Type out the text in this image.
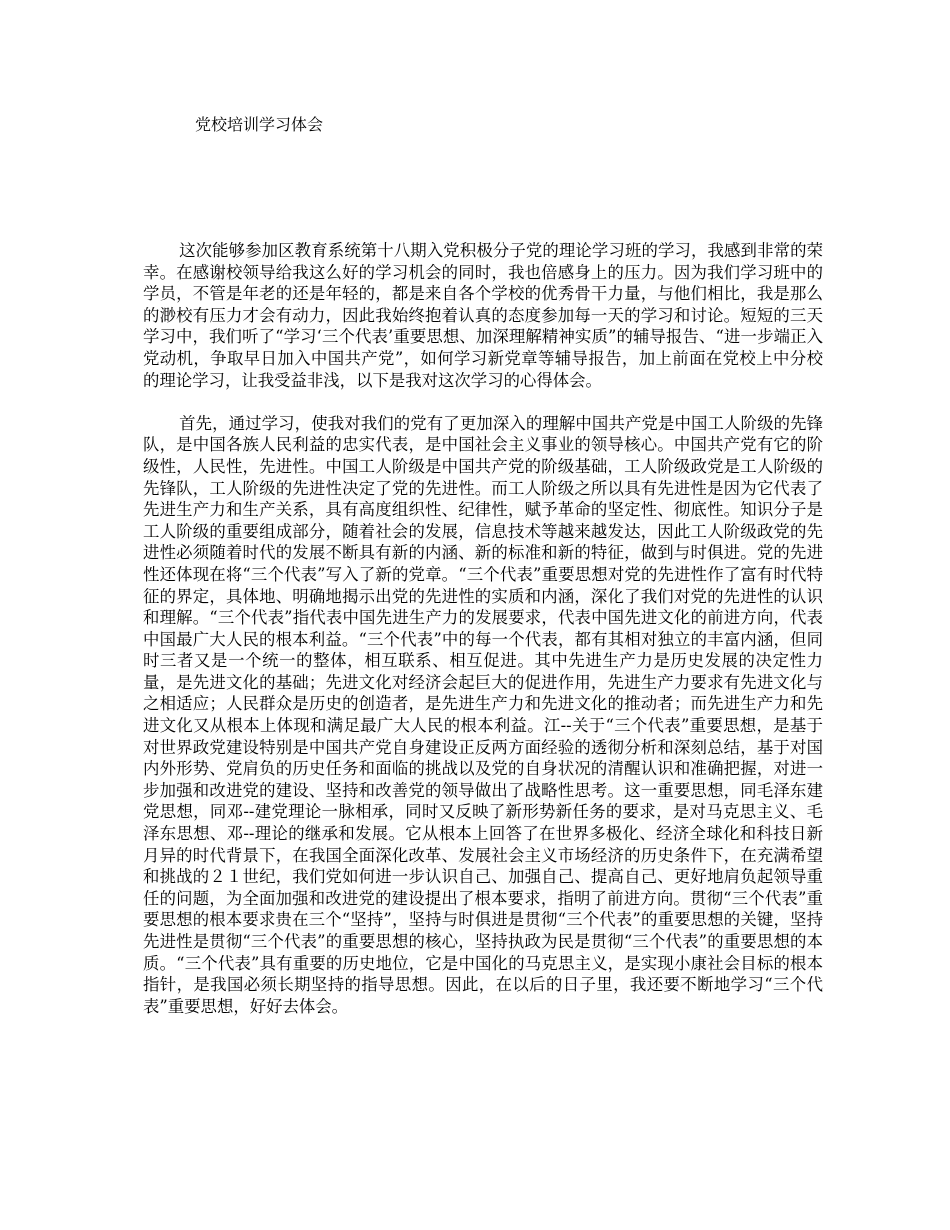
党校培训学习体会

这次能够参加区教育系统第十八期入党积极分子党的理论学习班的学习，我感到非常的荣幸。在感谢校领导给我这么好的学习机会的同时，我也倍感身上的压力。因为我们学习班中的学员，不管是年老的还是年轻的，都是来自各个学校的优秀骨干力量，与他们相比，我是那么的渺校有压力才会有动力，因此我始终抱着认真的态度参加每一天的学习和讨论。短短的三天学习中，我们听了“学习‘三个代表’重要思想、加深理解精神实质”的辅导报告、“进一步端正入党动机，争取早日加入中国共产党”，如何学习新党章等辅导报告，加上前面在党校上中分校的理论学习，让我受益非浅，以下是我对这次学习的心得体会。

首先，通过学习，使我对我们的党有了更加深入的理解中国共产党是中国工人阶级的先锋队，是中国各族人民利益的忠实代表，是中国社会主义事业的领导核心。中国共产党有它的阶级性，人民性，先进性。中国工人阶级是中国共产党的阶级基础，工人阶级政党是工人阶级的先锋队，工人阶级的先进性决定了党的先进性。而工人阶级之所以具有先进性是因为它代表了先进生产力和生产关系，具有高度组织性、纪律性，赋予革命的坚定性、彻底性。知识分子是工人阶级的重要组成部分，随着社会的发展，信息技术等越来越发达，因此工人阶级政党的先进性必须随着时代的发展不断具有新的内涵、新的标准和新的特征，做到与时俱进。党的先进性还体现在将“三个代表”写入了新的党章。“三个代表”重要思想对党的先进性作了富有时代特征的界定，具体地、明确地揭示出党的先进性的实质和内涵，深化了我们对党的先进性的认识和理解。“三个代表”指代表中国先进生产力的发展要求，代表中国先进文化的前进方向，代表中国最广大人民的根本利益。“三个代表”中的每一个代表，都有其相对独立的丰富内涵，但同时三者又是一个统一的整体，相互联系、相互促进。其中先进生产力是历史发展的决定性力量，是先进文化的基础；先进文化对经济会起巨大的促进作用，先进生产力要求有先进文化与之相适应；人民群众是历史的创造者，是先进生产力和先进文化的推动者；而先进生产力和先进文化又从根本上体现和满足最广大人民的根本利益。江--关于“三个代表”重要思想，是基于对世界政党建设特别是中国共产党自身建设正反两方面经验的透彻分析和深刻总结，基于对国内外形势、党肩负的历史任务和面临的挑战以及党的自身状况的清醒认识和准确把握，对进一步加强和改进党的建设、坚持和改善党的领导做出了战略性思考。这一重要思想，同毛泽东建党思想，同邓--建党理论一脉相承，同时又反映了新形势新任务的要求，是对马克思主义、毛泽东思想、邓--理论的继承和发展。它从根本上回答了在世界多极化、经济全球化和科技日新月异的时代背景下，在我国全面深化改革、发展社会主义市场经济的历史条件下，在充满希望和挑战的２１世纪，我们党如何进一步认识自己、加强自己、提高自己、更好地肩负起领导重任的问题，为全面加强和改进党的建设提出了根本要求，指明了前进方向。贯彻“三个代表”重要思想的根本要求贵在三个“坚持”，坚持与时俱进是贯彻“三个代表”的重要思想的关键，坚持先进性是贯彻“三个代表”的重要思想的核心，坚持执政为民是贯彻“三个代表”的重要思想的本质。“三个代表”具有重要的历史地位，它是中国化的马克思主义，是实现小康社会目标的根本指针，是我国必须长期坚持的指导思想。因此，在以后的日子里，我还要不断地学习“三个代表”重要思想，好好去体会。
